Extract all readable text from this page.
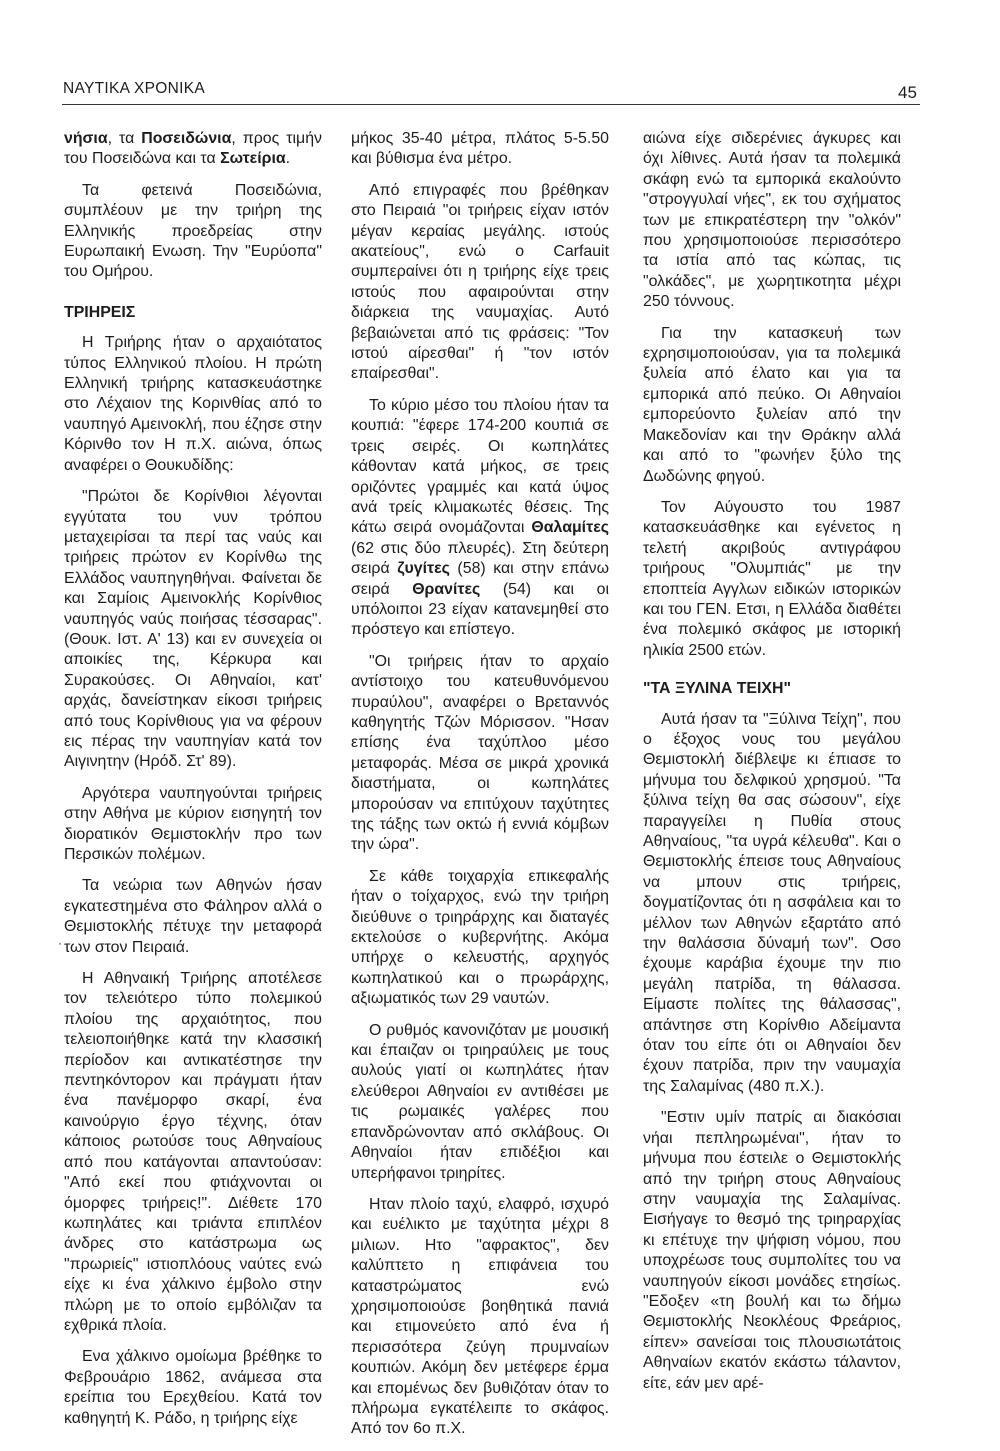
ΝΑΥΤΙΚΑ ΧΡΟΝΙΚΑ	45
·

νήσια, τα Ποσειδώνια, προς τιμήν του Ποσειδώνα και τα Σωτείρια.

Τα φετεινά Ποσειδώνια, συμπλέουν με την τριήρη της Ελληνικής προεδρείας στην Ευρωπαική Ενωση. Την "Ευρύοπα" του Ομήρου.

ΤΡΙΗΡΕΙΣ

Η Τριήρης ήταν ο αρχαιότατος τύπος Ελληνικού πλοίου. Η πρώτη Ελληνική τριήρης κατασκευάστηκε στο Λέχαιον της Κορινθίας από το ναυπηγό Αμεινοκλή, που έζησε στην Κόρινθο τον Η π.Χ. αιώνα, όπως αναφέρει ο Θουκυδίδης:

"Πρώτοι δε Κορίνθιοι λέγονται εγγύτατα του νυν τρόπου μεταχειρίσαι τα περί τας ναύς και τριήρεις πρώτον εν Κορίνθω της Ελλάδος ναυπηγηθήναι. Φαίνεται δε και Σαμίοις Αμεινοκλής Κορίνθιος ναυπηγός ναύς ποιήσας τέσσαρας". (Θουκ. Ιστ. Α' 13) και εν συνεχεία οι αποικίες της, Κέρκυρα και Συρακούσες. Οι Αθηναίοι, κατ' αρχάς, δανείστηκαν είκοσι τριήρεις από τους Κορίνθιους για να φέρουν εις πέρας την ναυπηγίαν κατά τον Αιγινητην (Ηρόδ. Στ' 89).

Αργότερα ναυπηγούνται τριήρεις στην Αθήνα με κύριον εισηγητή τον διορατικόν Θεμιστοκλήν προ των Περσικών πολέμων.

Τα νεώρια των Αθηνών ήσαν εγκατεστημένα στο Φάληρον αλλά ο Θεμιστοκλής πέτυχε την μεταφορά των στον Πειραιά.

Η Αθηναική Τριήρης αποτέλεσε τον τελειότερο τύπο πολεμικού πλοίου της αρχαιότητος, που τελειοποιήθηκε κατά την κλασσική περίοδον και αντικατέστησε την πεντηκόντορον και πράγματι ήταν ένα πανέμορφο σκαρί, ένα καινούργιο έργο τέχνης, όταν κάποιος ρωτούσε τους Αθηναίους από που κατάγονται απαντούσαν: "Από εκεί που φτιάχνονται οι όμορφες τριήρεις!". Διέθετε 170 κωπηλάτες και τριάντα επιπλέον άνδρες στο κατάστρωμα ως "πρωριείς" ιστιοπλόους ναύτες ενώ είχε κι ένα χάλκινο έμβολο στην πλώρη με το οποίο εμβόλιζαν τα εχθρικά πλοία.

Ενα χάλκινο ομοίωμα βρέθηκε το Φεβρουάριο 1862, ανάμεσα στα ερείπια του Ερεχθείου. Κατά τον καθηγητή Κ. Ράδο, η τριήρης είχε

μήκος 35-40 μέτρα, πλάτος 5-5.50 και βύθισμα ένα μέτρο.

Από επιγραφές που βρέθηκαν στο Πειραιά "οι τριήρεις είχαν ιστόν μέγαν κεραίας μεγάλης. ιστούς ακατείους", ενώ ο Carfauit συμπεραίνει ότι η τριήρης είχε τρεις ιστούς που αφαιρούνται στην διάρκεια της ναυμαχίας. Αυτό βεβαιώνεται από τις φράσεις: "Τον ιστού αίρεσθαι" ή "τον ιστόν επαίρεσθαι".

Το κύριο μέσο του πλοίου ήταν τα κουπιά: "έφερε 174-200 κουπιά σε τρεις σειρές. Οι κωπηλάτες κάθονταν κατά μήκος, σε τρεις οριζόντες γραμμές και κατά ύψος ανά τρείς κλιμακωτές θέσεις. Της κάτω σειρά ονομάζονται Θαλαμίτες (62 στις δύο πλευρές). Στη δεύτερη σειρά ζυγίτες (58) και στην επάνω σειρά Θρανίτες (54) και οι υπόλοιποι 23 είχαν κατανεμηθεί στο πρόστεγο και επίστεγο.

"Οι τριήρεις ήταν το αρχαίο αντίστοιχο του κατευθυνόμενου πυραύλου", αναφέρει ο Βρεταννός καθηγητής Τζών Μόρισσον. "Ησαν επίσης ένα ταχύπλοο μέσο μεταφοράς. Μέσα σε μικρά χρονικά διαστήματα, οι κωπηλάτες μπορούσαν να επιτύχουν ταχύτητες της τάξης των οκτώ ή εννιά κόμβων την ώρα".

Σε κάθε τοιχαρχία επικεφαλής ήταν ο τοίχαρχος, ενώ την τριήρη διεύθυνε ο τριηράρχης και διαταγές εκτελούσε ο κυβερνήτης. Ακόμα υπήρχε ο κελευστής, αρχηγός κωπηλατικού και ο πρωράρχης, αξιωματικός των 29 ναυτών.

Ο ρυθμός κανονιζόταν με μουσική και έπαιζαν οι τριηραύλεις με τους αυλούς γιατί οι κωπηλάτες ήταν ελεύθεροι Αθηναίοι εν αντιθέσει με τις ρωμαικές γαλέρες που επανδρώνονταν από σκλάβους. Οι Αθηναίοι ήταν επιδέξιοι και υπερήφανοι τριηρίτες.

Ηταν πλοίο ταχύ, ελαφρό, ισχυρό και ευέλικτο με ταχύτητα μέχρι 8 μιλιων. Ητο "αφρακτος", δεν καλύπτετο η επιφάνεια του καταστρώματος ενώ χρησιμοποιούσε βοηθητικά πανιά και ετιμονεύετο από ένα ή περισσότερα ζεύγη πρυμναίων κουπιών. Ακόμη δεν μετέφερε έρμα και επομένως δεν βυθιζόταν όταν το πλήρωμα εγκατέλειπε το σκάφος. Από τον 6ο π.Χ.

αιώνα είχε σιδερένιες άγκυρες και όχι λίθινες. Αυτά ήσαν τα πολεμικά σκάφη ενώ τα εμπορικά εκαλούντο "στρογγυλαί νήες", εκ του σχήματος των με επικρατέστερη την "ολκόν" που χρησιμοποιούσε περισσότερο τα ιστία από τας κώπας, τις "ολκάδες", με χωρητικοτητα μέχρι 250 τόννους.

Για την κατασκευή των εχρησιμοποιούσαν, για τα πολεμικά ξυλεία από έλατο και για τα εμπορικά από πεύκο. Οι Αθηναίοι εμπορεύοντο ξυλείαν από την Μακεδονίαν και την Θράκην αλλά και από το "φωνήεν ξύλο της Δωδώνης φηγού.

Τον Αύγουστο του 1987 κατασκευάσθηκε και εγένετος η τελετή ακριβούς αντιγράφου τριήρους "Ολυμπιάς" με την εποπτεία Αγγλων ειδικών ιστορικών και του ΓΕΝ. Ετσι, η Ελλάδα διαθέτει ένα πολεμικό σκάφος με ιστορική ηλικία 2500 ετών.

"ΤΑ ΞΥΛΙΝΑ ΤΕΙΧΗ"

Αυτά ήσαν τα "Ξύλινα Τείχη", που ο έξοχος νους του μεγάλου Θεμιστοκλή διέβλεψε κι έπιασε το μήνυμα του δελφικού χρησμού. "Τα ξύλινα τείχη θα σας σώσουν", είχε παραγγείλει η Πυθία στους Αθηναίους, "τα υγρά κέλευθα". Και ο Θεμιστοκλής έπεισε τους Αθηναίους να μπουν στις τριήρεις, δογματίζοντας ότι η ασφάλεια και το μέλλον των Αθηνών εξαρτάτο από την θαλάσσια δύναμή των". Οσο έχουμε καράβια έχουμε την πιο μεγάλη πατρίδα, τη θάλασσα. Είμαστε πολίτες της θάλασσας", απάντησε στη Κορίνθιο Αδείμαντα όταν του είπε ότι οι Αθηναίοι δεν έχουν πατρίδα, πριν την ναυμαχία της Σαλαμίνας (480 π.Χ.).

"Εστιν υμίν πατρίς αι διακόσιαι νήαι πεπληρωμέναι", ήταν το μήνυμα που έστειλε ο Θεμιστοκλής από την τριήρη στους Αθηναίους στην ναυμαχία της Σαλαμίνας. Εισήγαγε το θεσμό της τριηραρχίας κι επέτυχε την ψήφιση νόμου, που υποχρέωσε τους συμπολίτες του να ναυπηγούν είκοσι μονάδες ετησίως. "Εδοξεν «τη βουλή και τω δήμω Θεμιστοκλής Νεοκλέους Φρεάριος, είπεν» σανείσαι τοις πλουσιωτάτοις Αθηναίων εκατόν εκάστω τάλαντον, είτε, εάν μεν αρέ-
